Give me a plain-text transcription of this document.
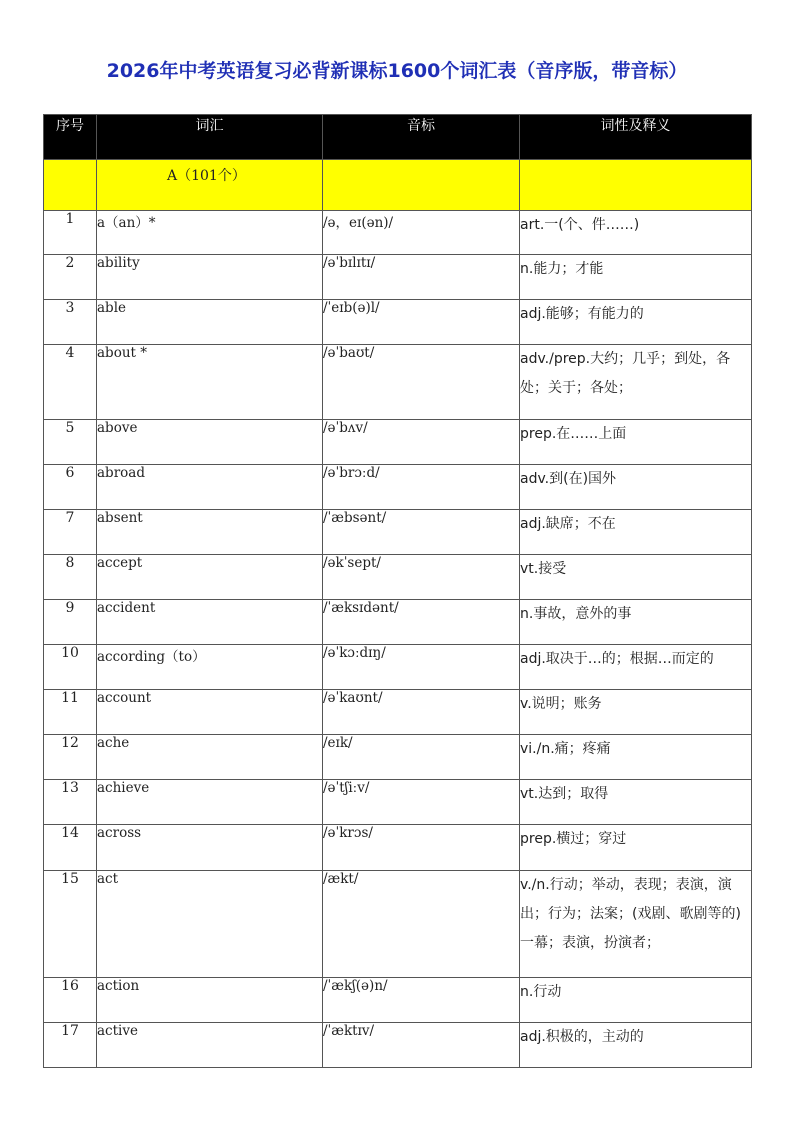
2026年中考英语复习必背新课标1600个词汇表（音序版，带音标）
序号	词汇	音标	词性及释义
	A（101个）		
1	a（an）*	/ə，eɪ(ən)/	art.一(个、件……)
2	ability	/əˈbɪlɪtɪ/	n.能力；才能
3	able	/ˈeɪb(ə)l/	adj.能够；有能力的
4	about *	/əˈbaʊt/	adv./prep.大约；几乎；到处，各处；关于；各处；
5	above	/əˈbʌv/	prep.在……上面
6	abroad	/əˈbrɔːd/	adv.到(在)国外
7	absent	/ˈæbsənt/	adj.缺席；不在
8	accept	/əkˈsept/	vt.接受
9	accident	/ˈæksɪdənt/	n.事故，意外的事
10	according（to）	/əˈkɔːdɪŋ/	adj.取决于…的；根据…而定的
11	account	/əˈkaʊnt/	v.说明；账务
12	ache	/eɪk/	vi./n.痛；疼痛
13	achieve	/əˈtʃiːv/	vt.达到；取得
14	across	/əˈkrɔs/	prep.横过；穿过
15	act	/ækt/	v./n.行动；举动，表现；表演，演出；行为；法案；(戏剧、歌剧等的)一幕；表演，扮演者；
16	action	/ˈækʃ(ə)n/	n.行动
17	active	/ˈæktɪv/	adj.积极的，主动的
